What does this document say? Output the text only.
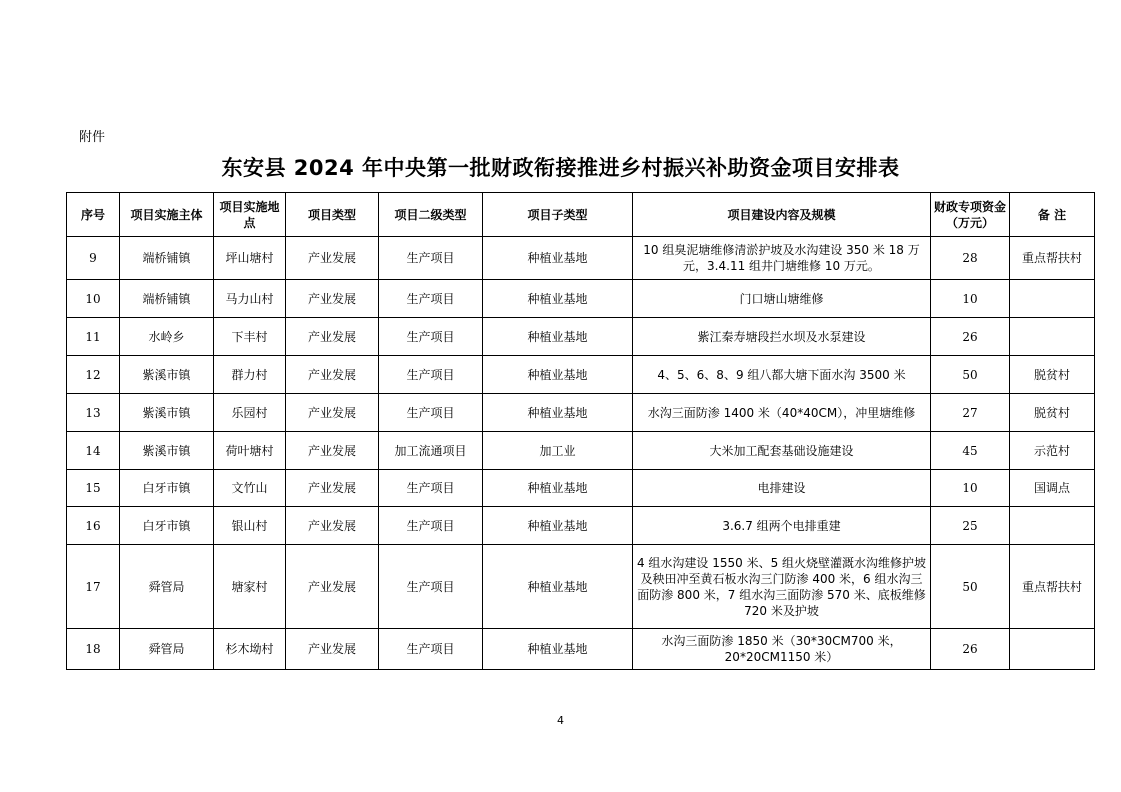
附件
东安县 2024 年中央第一批财政衔接推进乡村振兴补助资金项目安排表
序号	项目实施主体	项目实施地点	项目类型	项目二级类型	项目子类型	项目建设内容及规模	财政专项资金（万元）	备 注
9	端桥铺镇	坪山塘村	产业发展	生产项目	种植业基地	10 组臭泥塘维修清淤护坡及水沟建设 350 米 18 万元，3.4.11 组井门塘维修 10 万元。	28	重点帮扶村
10	端桥铺镇	马力山村	产业发展	生产项目	种植业基地	门口塘山塘维修	10	
11	水岭乡	下丰村	产业发展	生产项目	种植业基地	紫江秦寿塘段拦水坝及水泵建设	26	
12	紫溪市镇	群力村	产业发展	生产项目	种植业基地	4、5、6、8、9 组八都大塘下面水沟 3500 米	50	脱贫村
13	紫溪市镇	乐园村	产业发展	生产项目	种植业基地	水沟三面防渗 1400 米（40*40CM），冲里塘维修	27	脱贫村
14	紫溪市镇	荷叶塘村	产业发展	加工流通项目	加工业	大米加工配套基础设施建设	45	示范村
15	白牙市镇	文竹山	产业发展	生产项目	种植业基地	电排建设	10	国调点
16	白牙市镇	银山村	产业发展	生产项目	种植业基地	3.6.7 组两个电排重建	25	
17	舜管局	塘家村	产业发展	生产项目	种植业基地	4 组水沟建设 1550 米、5 组火烧壁灌溉水沟维修护坡及秧田冲至黄石板水沟三门防渗 400 米，6 组水沟三面防渗 800 米，7 组水沟三面防渗 570 米、底板维修 720 米及护坡	50	重点帮扶村
18	舜管局	杉木坳村	产业发展	生产项目	种植业基地	水沟三面防渗 1850 米（30*30CM700 米，20*20CM1150 米）	26	
4
